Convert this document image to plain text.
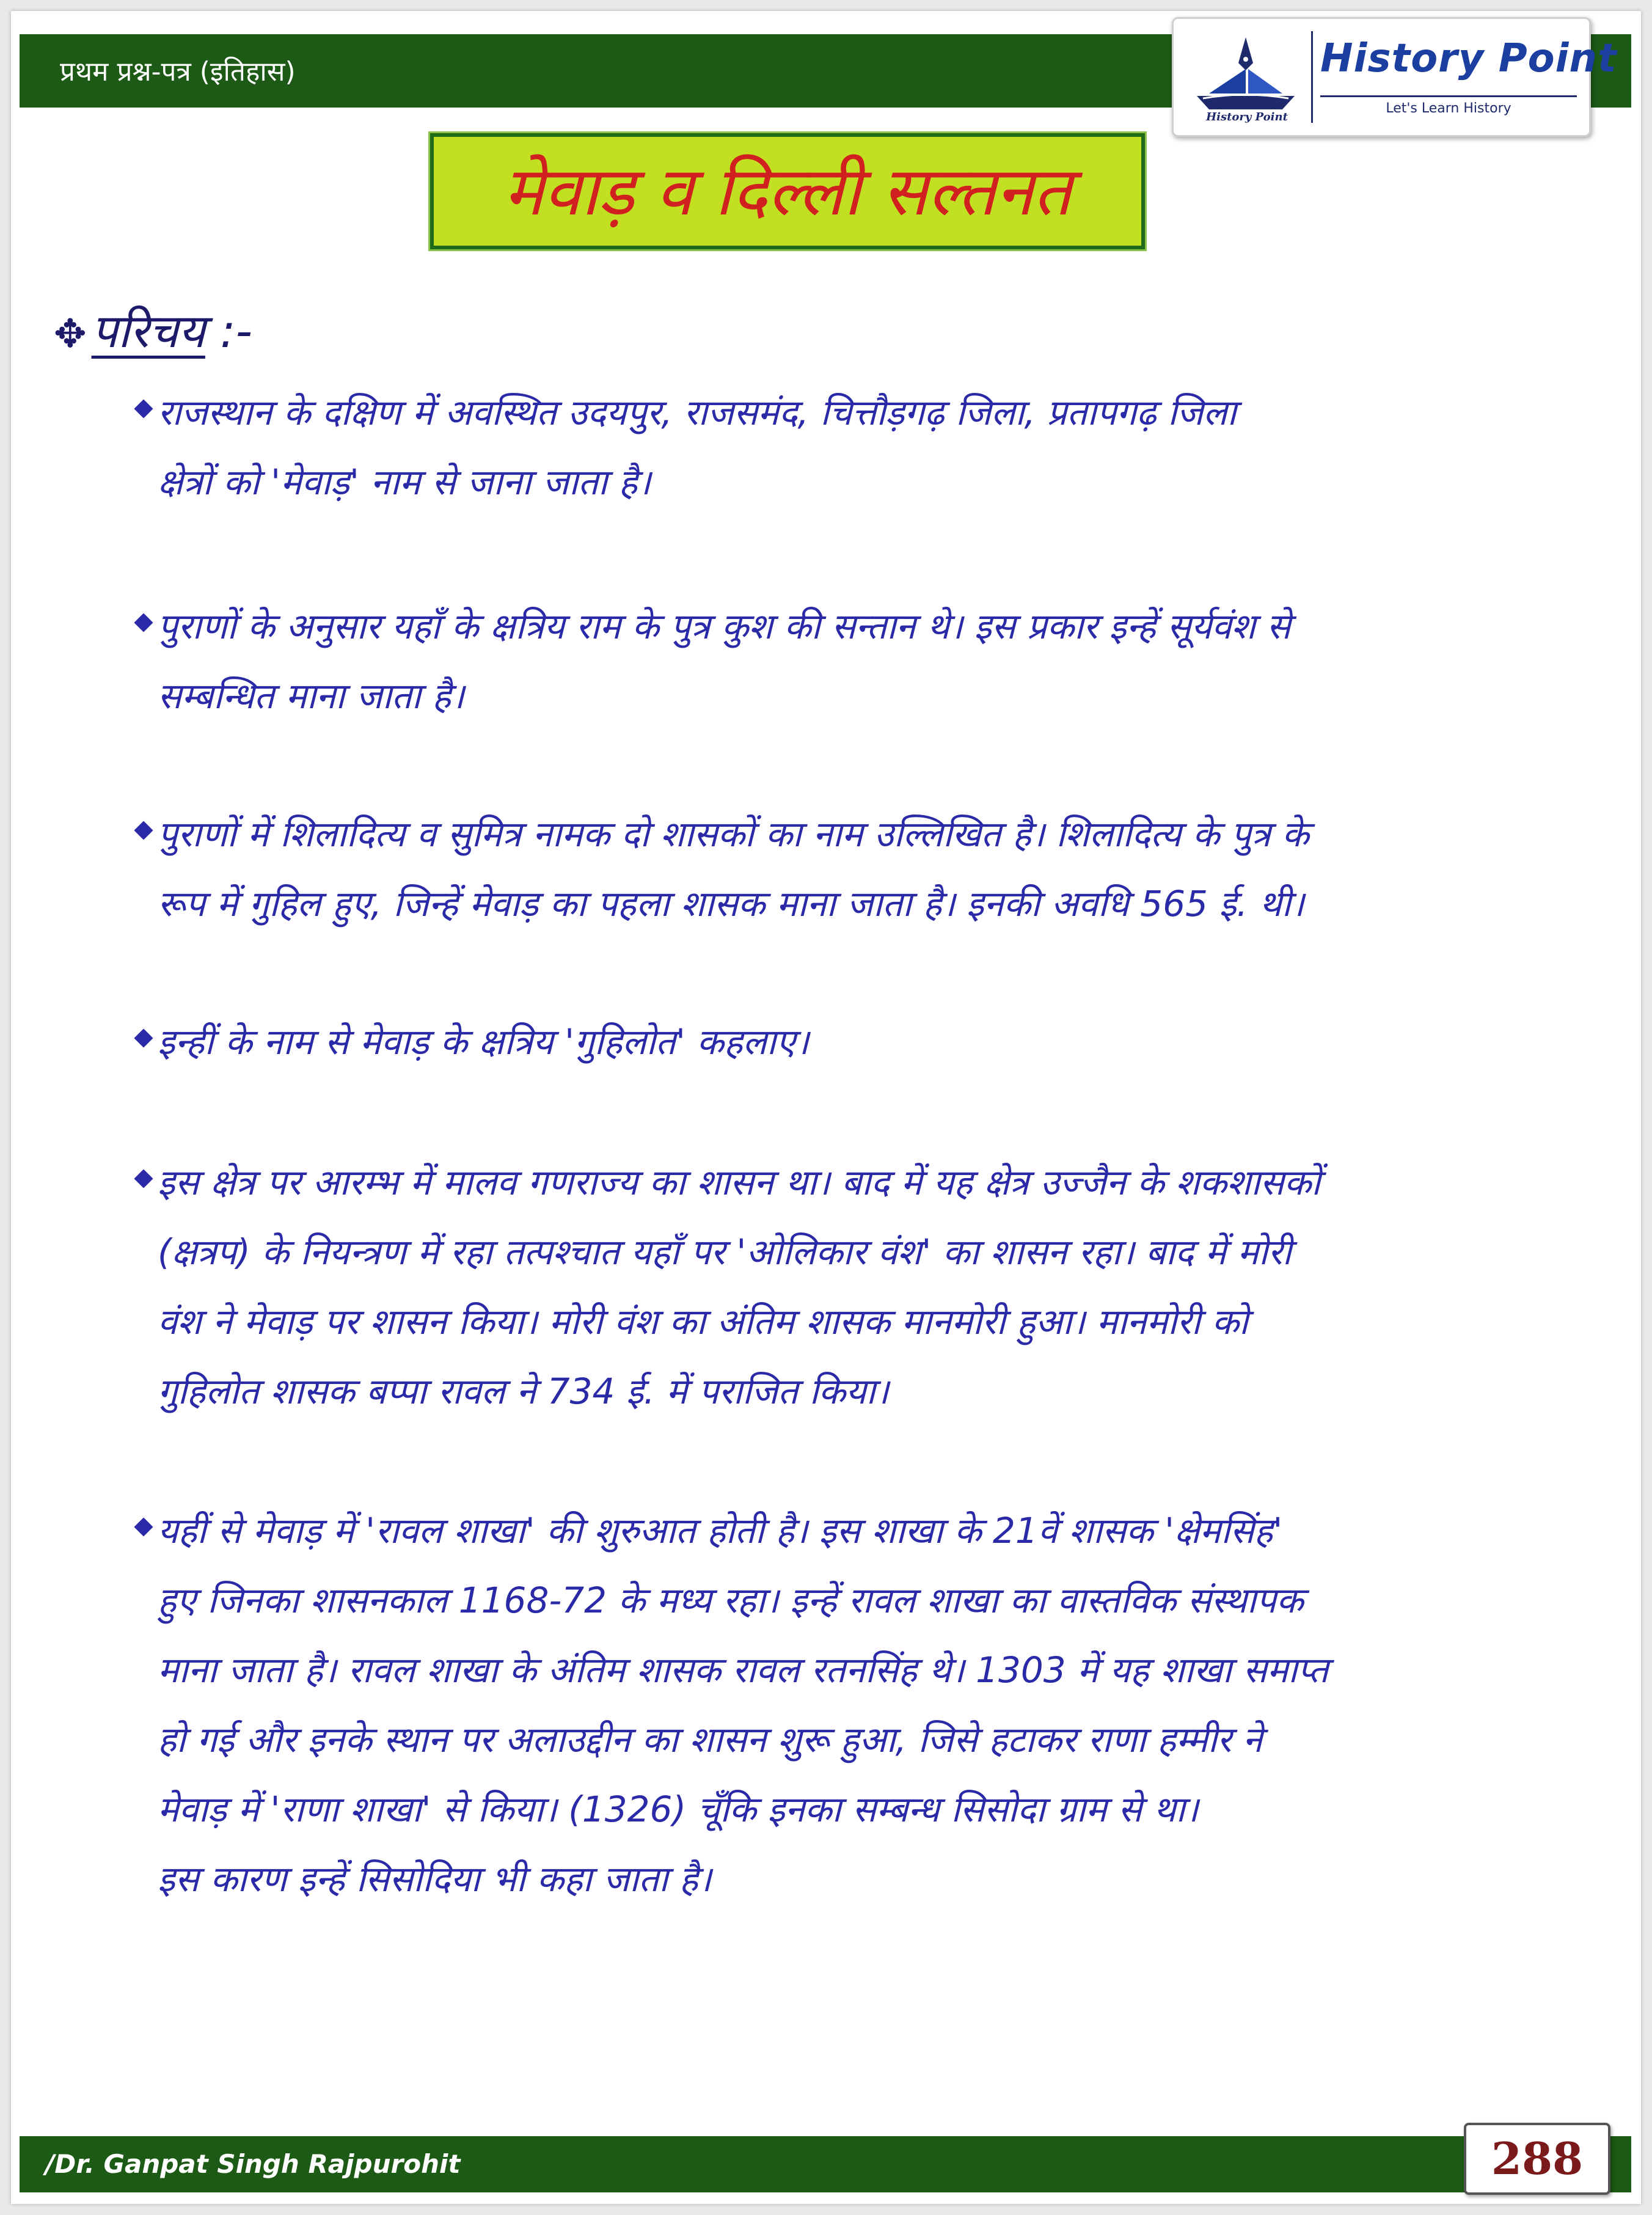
प्रथम प्रश्न-पत्र (इतिहास)
History Point
History Point
Let's Learn History
मेवाड़ व दिल्ली सल्तनत
✥ परिचय :-
राजस्थान के दक्षिण में अवस्थित उदयपुर, राजसमंद, चित्तौड़गढ़ जिला, प्रतापगढ़ जिला
क्षेत्रों को 'मेवाड़' नाम से जाना जाता है।
पुराणों के अनुसार यहाँ के क्षत्रिय राम के पुत्र कुश की सन्तान थे। इस प्रकार इन्हें सूर्यवंश से
सम्बन्धित माना जाता है।
पुराणों में शिलादित्य व सुमित्र नामक दो शासकों का नाम उल्लिखित है। शिलादित्य के पुत्र के
रूप में गुहिल हुए, जिन्हें मेवाड़ का पहला शासक माना जाता है। इनकी अवधि 565 ई. थी।
इन्हीं के नाम से मेवाड़ के क्षत्रिय 'गुहिलोत' कहलाए।
इस क्षेत्र पर आरम्भ में मालव गणराज्य का शासन था। बाद में यह क्षेत्र उज्जैन के शकशासकों
(क्षत्रप) के नियन्त्रण में रहा तत्पश्चात यहाँ पर 'ओलिकार वंश' का शासन रहा। बाद में मोरी
वंश ने मेवाड़ पर शासन किया। मोरी वंश का अंतिम शासक मानमोरी हुआ। मानमोरी को
गुहिलोत शासक बप्पा रावल ने 734 ई. में पराजित किया।
यहीं से मेवाड़ में 'रावल शाखा' की शुरुआत होती है। इस शाखा के 21वें शासक 'क्षेमसिंह'
हुए जिनका शासनकाल 1168-72 के मध्य रहा। इन्हें रावल शाखा का वास्तविक संस्थापक
माना जाता है। रावल शाखा के अंतिम शासक रावल रतनसिंह थे। 1303 में यह शाखा समाप्त
हो गई और इनके स्थान पर अलाउद्दीन का शासन शुरू हुआ, जिसे हटाकर राणा हम्मीर ने
मेवाड़ में 'राणा शाखा' से किया। (1326) चूँकि इनका सम्बन्ध सिसोदा ग्राम से था।
इस कारण इन्हें सिसोदिया भी कहा जाता है।
/Dr. Ganpat Singh Rajpurohit	288
